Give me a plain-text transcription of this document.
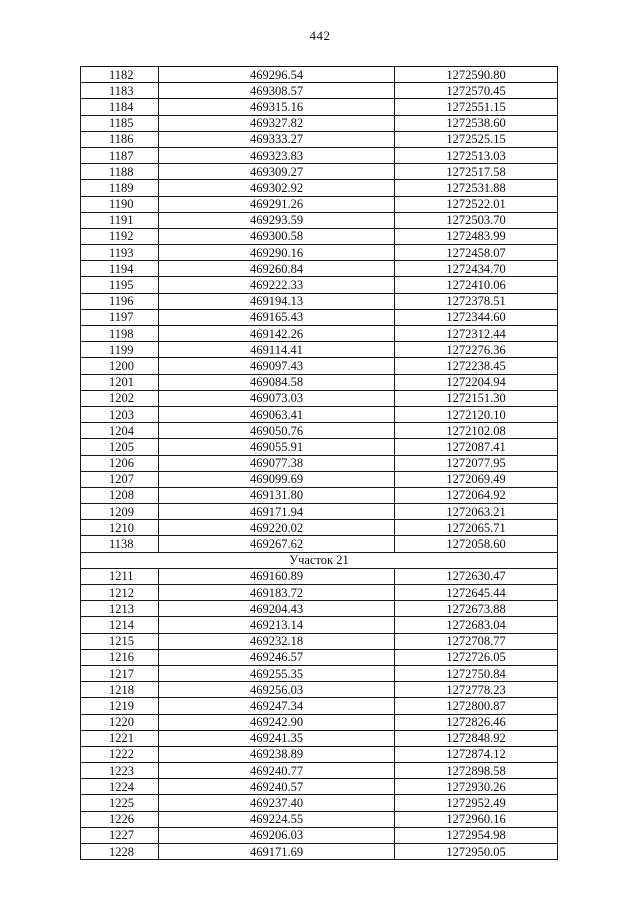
442
1182	469296.54	1272590.80
1183	469308.57	1272570.45
1184	469315.16	1272551.15
1185	469327.82	1272538.60
1186	469333.27	1272525.15
1187	469323.83	1272513.03
1188	469309.27	1272517.58
1189	469302.92	1272531.88
1190	469291.26	1272522.01
1191	469293.59	1272503.70
1192	469300.58	1272483.99
1193	469290.16	1272458.07
1194	469260.84	1272434.70
1195	469222.33	1272410.06
1196	469194.13	1272378.51
1197	469165.43	1272344.60
1198	469142.26	1272312.44
1199	469114.41	1272276.36
1200	469097.43	1272238.45
1201	469084.58	1272204.94
1202	469073.03	1272151.30
1203	469063.41	1272120.10
1204	469050.76	1272102.08
1205	469055.91	1272087.41
1206	469077.38	1272077.95
1207	469099.69	1272069.49
1208	469131.80	1272064.92
1209	469171.94	1272063.21
1210	469220.02	1272065.71
1138	469267.62	1272058.60
Участок 21		
1211	469160.89	1272630.47
1212	469183.72	1272645.44
1213	469204.43	1272673.88
1214	469213.14	1272683.04
1215	469232.18	1272708.77
1216	469246.57	1272726.05
1217	469255.35	1272750.84
1218	469256.03	1272778.23
1219	469247.34	1272800.87
1220	469242.90	1272826.46
1221	469241.35	1272848.92
1222	469238.89	1272874.12
1223	469240.77	1272898.58
1224	469240.57	1272930.26
1225	469237.40	1272952.49
1226	469224.55	1272960.16
1227	469206.03	1272954.98
1228	469171.69	1272950.05
